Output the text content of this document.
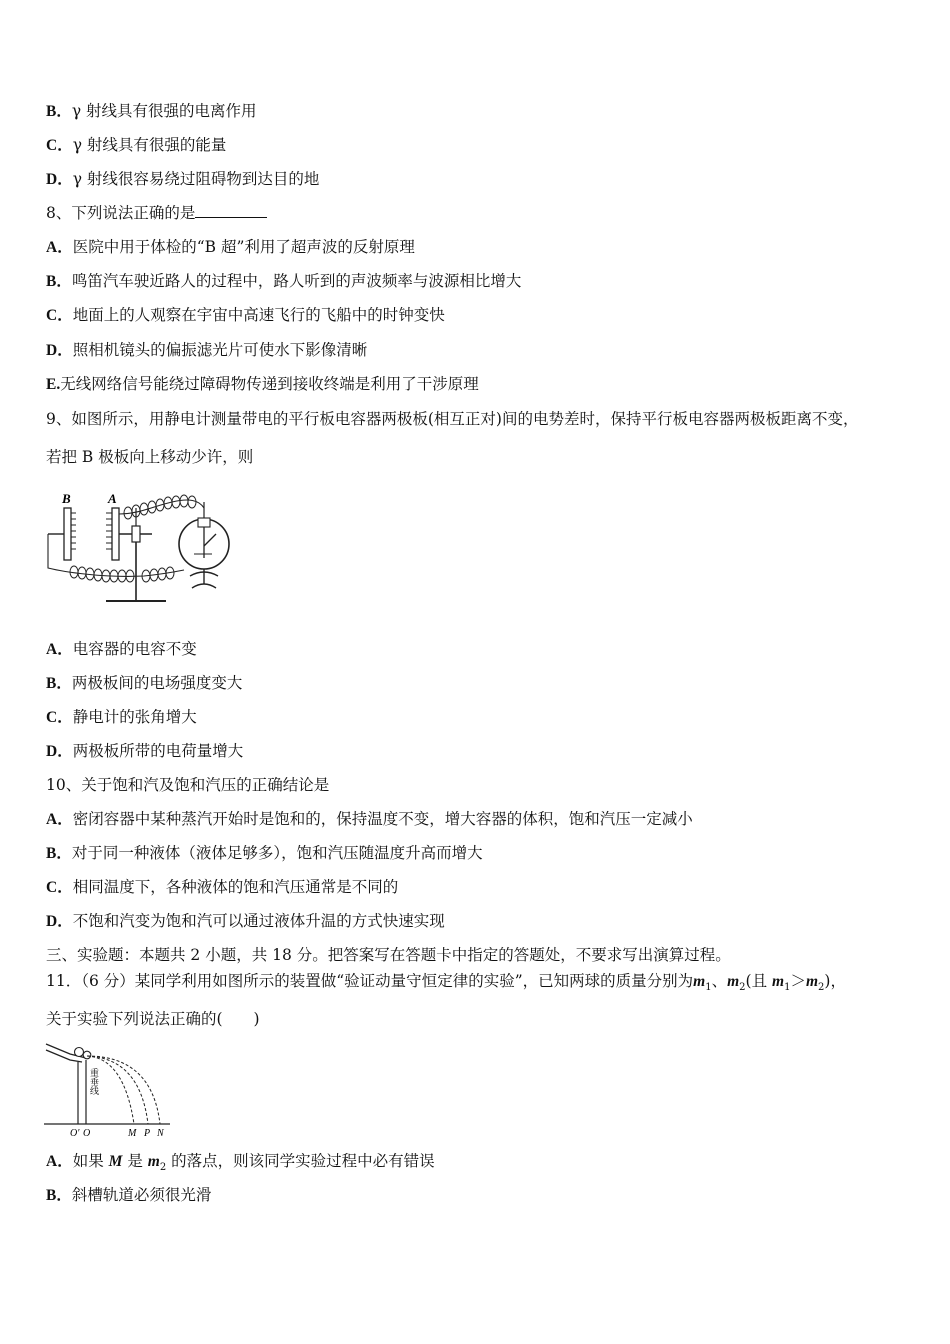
B．γ 射线具有很强的电离作用
C．γ 射线具有很强的能量
D．γ 射线很容易绕过阻碍物到达目的地
8、下列说法正确的是
A．医院中用于体检的“B 超”利用了超声波的反射原理
B．鸣笛汽车驶近路人的过程中，路人听到的声波频率与波源相比增大
C．地面上的人观察在宇宙中高速飞行的飞船中的时钟变快
D．照相机镜头的偏振滤光片可使水下影像清晰
E.无线网络信号能绕过障碍物传递到接收终端是利用了干涉原理
9、如图所示，用静电计测量带电的平行板电容器两极板(相互正对)间的电势差时，保持平行板电容器两极板距离不变，
若把 B 极板向上移动少许，则
B	A
A．电容器的电容不变
B．两极板间的电场强度变大
C．静电计的张角增大
D．两极板所带的电荷量增大
10、关于饱和汽及饱和汽压的正确结论是
A．密闭容器中某种蒸汽开始时是饱和的，保持温度不变，增大容器的体积，饱和汽压一定减小
B．对于同一种液体（液体足够多），饱和汽压随温度升高而增大
C．相同温度下，各种液体的饱和汽压通常是不同的
D．不饱和汽变为饱和汽可以通过液体升温的方式快速实现
三、实验题：本题共 2 小题，共 18 分。把答案写在答题卡中指定的答题处，不要求写出演算过程。
11．（6 分）某同学利用如图所示的装置做“验证动量守恒定律的实验”，已知两球的质量分别为$m_1$、$m_2$(且 $m_1>m_2$)，
关于实验下列说法正确的(　　)
重垂线
O′ O	M P N
A．如果 M 是 $m_2$ 的落点，则该同学实验过程中必有错误
B．斜槽轨道必须很光滑
